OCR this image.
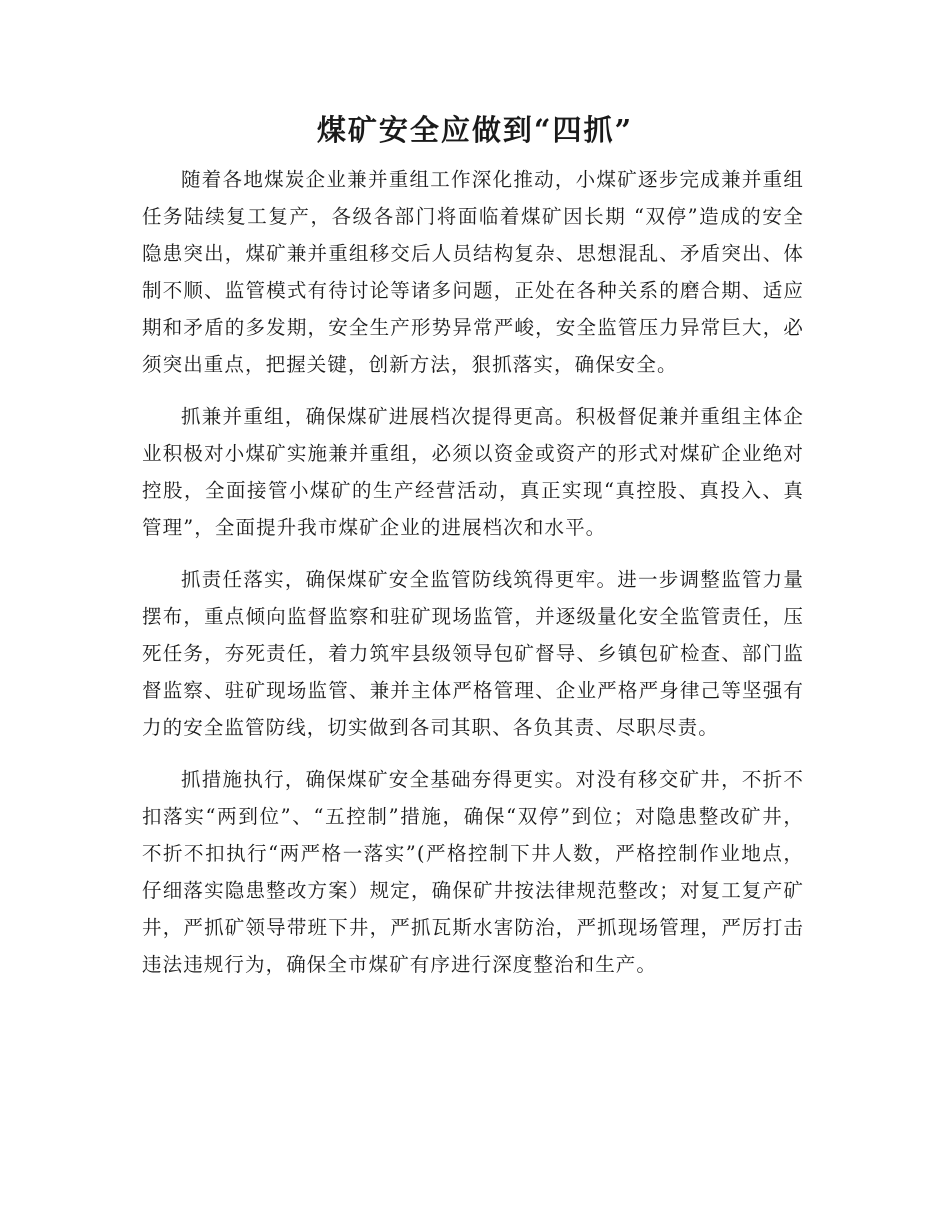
煤矿安全应做到“四抓”

随着各地煤炭企业兼并重组工作深化推动，小煤矿逐步完成兼并重组任务陆续复工复产，各级各部门将面临着煤矿因长期 “双停”造成的安全隐患突出，煤矿兼并重组移交后人员结构复杂、思想混乱、矛盾突出、体制不顺、监管模式有待讨论等诸多问题，正处在各种关系的磨合期、适应期和矛盾的多发期，安全生产形势异常严峻，安全监管压力异常巨大，必须突出重点，把握关键，创新方法，狠抓落实，确保安全。

抓兼并重组，确保煤矿进展档次提得更高。积极督促兼并重组主体企业积极对小煤矿实施兼并重组，必须以资金或资产的形式对煤矿企业绝对控股，全面接管小煤矿的生产经营活动，真正实现“真控股、真投入、真管理”，全面提升我市煤矿企业的进展档次和水平。

抓责任落实，确保煤矿安全监管防线筑得更牢。进一步调整监管力量摆布，重点倾向监督监察和驻矿现场监管，并逐级量化安全监管责任，压死任务，夯死责任，着力筑牢县级领导包矿督导、乡镇包矿检查、部门监督监察、驻矿现场监管、兼并主体严格管理、企业严格严身律己等坚强有力的安全监管防线，切实做到各司其职、各负其责、尽职尽责。

抓措施执行，确保煤矿安全基础夯得更实。对没有移交矿井，不折不扣落实“两到位”、“五控制”措施，确保“双停”到位；对隐患整改矿井，不折不扣执行“两严格一落实”(严格控制下井人数，严格控制作业地点，仔细落实隐患整改方案）规定，确保矿井按法律规范整改；对复工复产矿井，严抓矿领导带班下井，严抓瓦斯水害防治，严抓现场管理，严厉打击违法违规行为，确保全市煤矿有序进行深度整治和生产。
